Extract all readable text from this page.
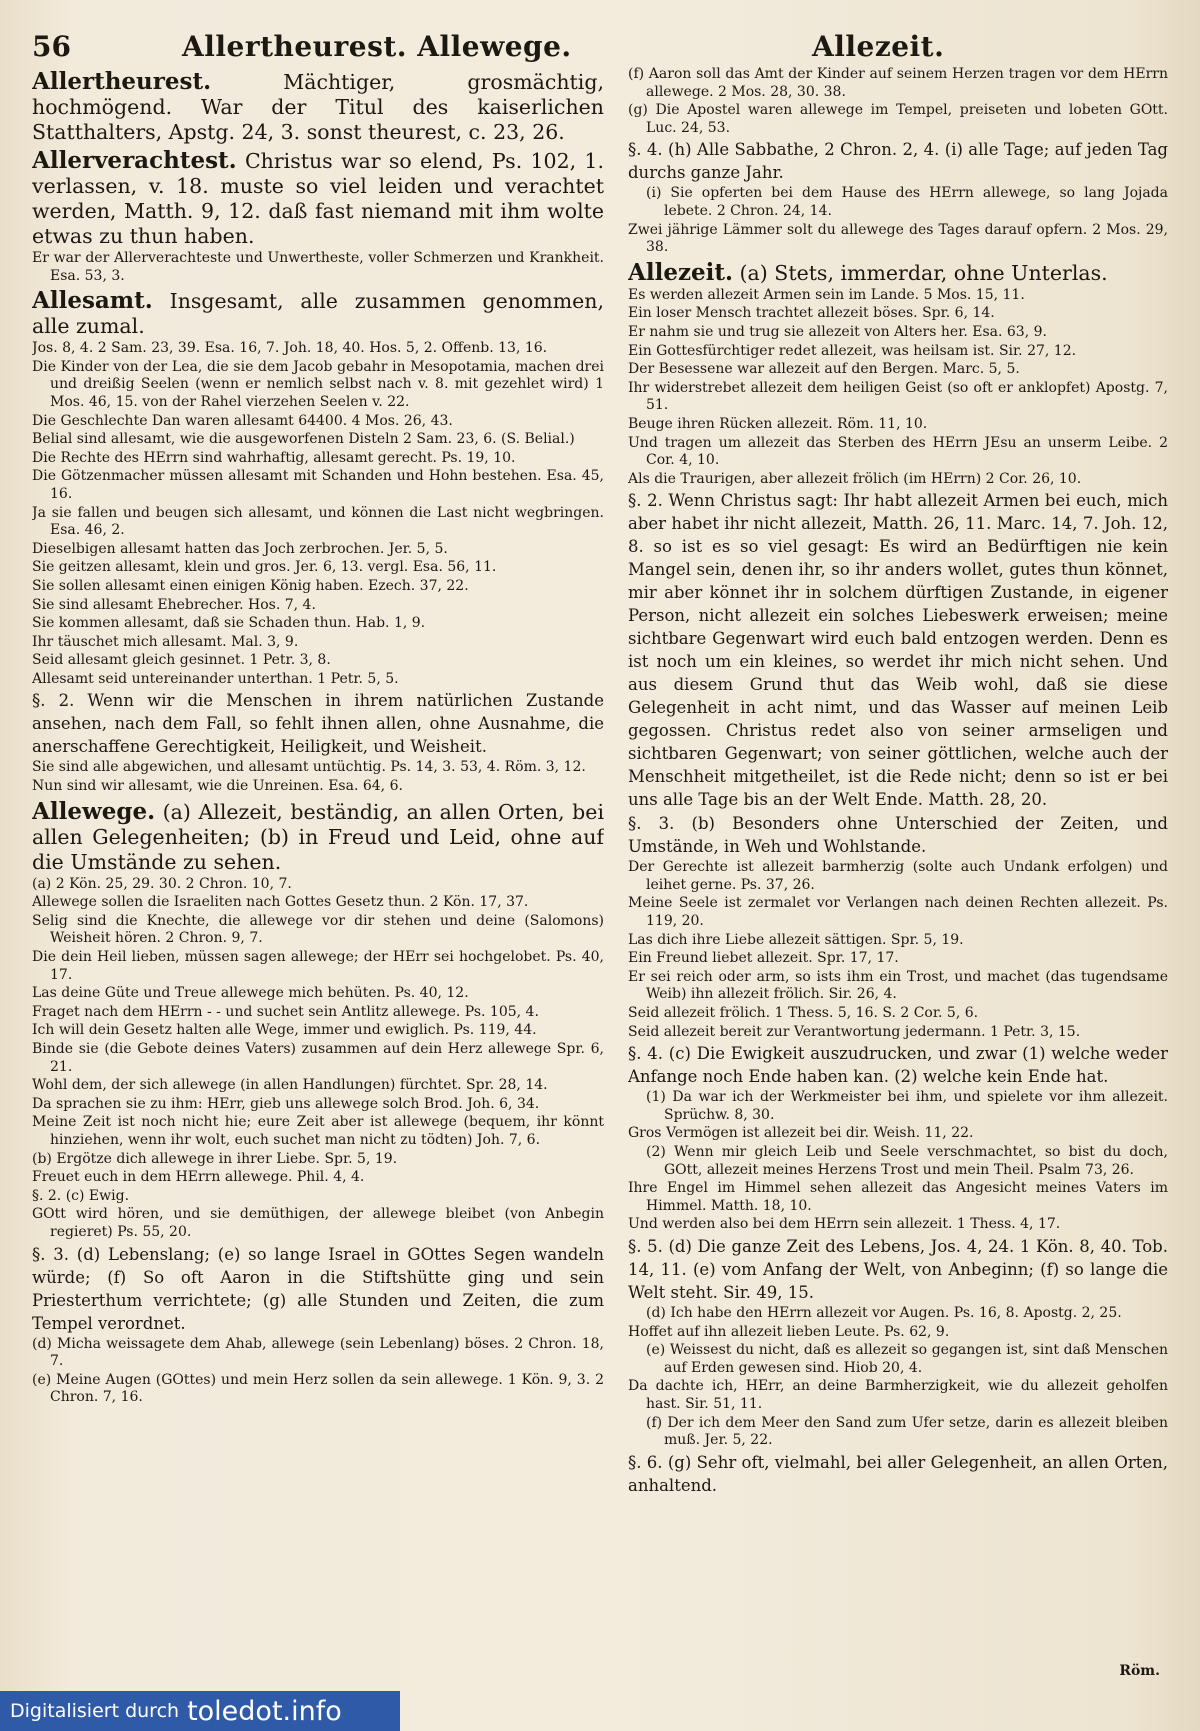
56	Allertheurest. Allewege.	Allezeit.

Allertheurest. Mächtiger, grosmächtig, hochmögend. War der Titul des kaiserlichen Statthalters, Apstg. 24, 3. sonst theurest, c. 23, 26.

Allerverachtest. Christus war so elend, Ps. 102, 1. verlassen, v. 18. muste so viel leiden und verachtet werden, Matth. 9, 12. daß fast niemand mit ihm wolte etwas zu thun haben.

Er war der Allerverachteste und Unwertheste, voller Schmerzen und Krankheit. Esa. 53, 3.

Allesamt. Insgesamt, alle zusammen genommen, alle zumal.

Jos. 8, 4. 2 Sam. 23, 39. Esa. 16, 7. Joh. 18, 40. Hos. 5, 2. Offenb. 13, 16.

Die Kinder von der Lea, die sie dem Jacob gebahr in Mesopotamia, machen drei und dreißig Seelen (wenn er nemlich selbst nach v. 8. mit gezehlet wird) 1 Mos. 46, 15. von der Rahel vierzehen Seelen v. 22.

Die Geschlechte Dan waren allesamt 64400. 4 Mos. 26, 43.

Belial sind allesamt, wie die ausgeworfenen Disteln 2 Sam. 23, 6. (S. Belial.)

Die Rechte des HErrn sind wahrhaftig, allesamt gerecht. Ps. 19, 10.

Die Götzenmacher müssen allesamt mit Schanden und Hohn bestehen. Esa. 45, 16.

Ja sie fallen und beugen sich allesamt, und können die Last nicht wegbringen. Esa. 46, 2.

Dieselbigen allesamt hatten das Joch zerbrochen. Jer. 5, 5.

Sie geitzen allesamt, klein und gros. Jer. 6, 13. vergl. Esa. 56, 11.

Sie sollen allesamt einen einigen König haben. Ezech. 37, 22.

Sie sind allesamt Ehebrecher. Hos. 7, 4.

Sie kommen allesamt, daß sie Schaden thun. Hab. 1, 9.

Ihr täuschet mich allesamt. Mal. 3, 9.

Seid allesamt gleich gesinnet. 1 Petr. 3, 8.

Allesamt seid untereinander unterthan. 1 Petr. 5, 5.

§. 2. Wenn wir die Menschen in ihrem natürlichen Zustande ansehen, nach dem Fall, so fehlt ihnen allen, ohne Ausnahme, die anerschaffene Gerechtigkeit, Heiligkeit, und Weisheit.

Sie sind alle abgewichen, und allesamt untüchtig. Ps. 14, 3. 53, 4. Röm. 3, 12.

Nun sind wir allesamt, wie die Unreinen. Esa. 64, 6.

Allewege. (a) Allezeit, beständig, an allen Orten, bei allen Gelegenheiten; (b) in Freud und Leid, ohne auf die Umstände zu sehen.

(a) 2 Kön. 25, 29. 30. 2 Chron. 10, 7.

Allewege sollen die Israeliten nach Gottes Gesetz thun. 2 Kön. 17, 37.

Selig sind die Knechte, die allewege vor dir stehen und deine (Salomons) Weisheit hören. 2 Chron. 9, 7.

Die dein Heil lieben, müssen sagen allewege; der HErr sei hochgelobet. Ps. 40, 17.

Las deine Güte und Treue allewege mich behüten. Ps. 40, 12.

Fraget nach dem HErrn - - und suchet sein Antlitz allewege. Ps. 105, 4.

Ich will dein Gesetz halten alle Wege, immer und ewiglich. Ps. 119, 44.

Binde sie (die Gebote deines Vaters) zusammen auf dein Herz allewege Spr. 6, 21.

Wohl dem, der sich allewege (in allen Handlungen) fürchtet. Spr. 28, 14.

Da sprachen sie zu ihm: HErr, gieb uns allewege solch Brod. Joh. 6, 34.

Meine Zeit ist noch nicht hie; eure Zeit aber ist allewege (bequem, ihr könnt hinziehen, wenn ihr wolt, euch suchet man nicht zu tödten) Joh. 7, 6.

(b) Ergötze dich allewege in ihrer Liebe. Spr. 5, 19.

Freuet euch in dem HErrn allewege. Phil. 4, 4.

§. 2. (c) Ewig.

GOtt wird hören, und sie demüthigen, der allewege bleibet (von Anbegin regieret) Ps. 55, 20.

§. 3. (d) Lebenslang; (e) so lange Israel in GOttes Segen wandeln würde; (f) So oft Aaron in die Stiftshütte ging und sein Priesterthum verrichtete; (g) alle Stunden und Zeiten, die zum Tempel verordnet.

(d) Micha weissagete dem Ahab, allewege (sein Lebenlang) böses. 2 Chron. 18, 7.

(e) Meine Augen (GOttes) und mein Herz sollen da sein allewege. 1 Kön. 9, 3. 2 Chron. 7, 16.

(f) Aaron soll das Amt der Kinder auf seinem Herzen tragen vor dem HErrn allewege. 2 Mos. 28, 30. 38.

(g) Die Apostel waren allewege im Tempel, preiseten und lobeten GOtt. Luc. 24, 53.

§. 4. (h) Alle Sabbathe, 2 Chron. 2, 4. (i) alle Tage; auf jeden Tag durchs ganze Jahr.

(i) Sie opferten bei dem Hause des HErrn allewege, so lang Jojada lebete. 2 Chron. 24, 14.

Zwei jährige Lämmer solt du allewege des Tages darauf opfern. 2 Mos. 29, 38.

Allezeit. (a) Stets, immerdar, ohne Unterlas.

Es werden allezeit Armen sein im Lande. 5 Mos. 15, 11.

Ein loser Mensch trachtet allezeit böses. Spr. 6, 14.

Er nahm sie und trug sie allezeit von Alters her. Esa. 63, 9.

Ein Gottesfürchtiger redet allezeit, was heilsam ist. Sir. 27, 12.

Der Besessene war allezeit auf den Bergen. Marc. 5, 5.

Ihr widerstrebet allezeit dem heiligen Geist (so oft er anklopfet) Apostg. 7, 51.

Beuge ihren Rücken allezeit. Röm. 11, 10.

Und tragen um allezeit das Sterben des HErrn JEsu an unserm Leibe. 2 Cor. 4, 10.

Als die Traurigen, aber allezeit frölich (im HErrn) 2 Cor. 26, 10.

§. 2. Wenn Christus sagt: Ihr habt allezeit Armen bei euch, mich aber habet ihr nicht allezeit, Matth. 26, 11. Marc. 14, 7. Joh. 12, 8. so ist es so viel gesagt: Es wird an Bedürftigen nie kein Mangel sein, denen ihr, so ihr anders wollet, gutes thun könnet, mir aber könnet ihr in solchem dürftigen Zustande, in eigener Person, nicht allezeit ein solches Liebeswerk erweisen; meine sichtbare Gegenwart wird euch bald entzogen werden. Denn es ist noch um ein kleines, so werdet ihr mich nicht sehen. Und aus diesem Grund thut das Weib wohl, daß sie diese Gelegenheit in acht nimt, und das Wasser auf meinen Leib gegossen. Christus redet also von seiner armseligen und sichtbaren Gegenwart; von seiner göttlichen, welche auch der Menschheit mitgetheilet, ist die Rede nicht; denn so ist er bei uns alle Tage bis an der Welt Ende. Matth. 28, 20.

§. 3. (b) Besonders ohne Unterschied der Zeiten, und Umstände, in Weh und Wohlstande.

Der Gerechte ist allezeit barmherzig (solte auch Undank erfolgen) und leihet gerne. Ps. 37, 26.

Meine Seele ist zermalet vor Verlangen nach deinen Rechten allezeit. Ps. 119, 20.

Las dich ihre Liebe allezeit sättigen. Spr. 5, 19.

Ein Freund liebet allezeit. Spr. 17, 17.

Er sei reich oder arm, so ists ihm ein Trost, und machet (das tugendsame Weib) ihn allezeit frölich. Sir. 26, 4.

Seid allezeit frölich. 1 Thess. 5, 16. S. 2 Cor. 5, 6.

Seid allezeit bereit zur Verantwortung jedermann. 1 Petr. 3, 15.

§. 4. (c) Die Ewigkeit auszudrucken, und zwar (1) welche weder Anfange noch Ende haben kan. (2) welche kein Ende hat.

(1) Da war ich der Werkmeister bei ihm, und spielete vor ihm allezeit. Sprüchw. 8, 30.

Gros Vermögen ist allezeit bei dir. Weish. 11, 22.

(2) Wenn mir gleich Leib und Seele verschmachtet, so bist du doch, GOtt, allezeit meines Herzens Trost und mein Theil. Psalm 73, 26.

Ihre Engel im Himmel sehen allezeit das Angesicht meines Vaters im Himmel. Matth. 18, 10.

Und werden also bei dem HErrn sein allezeit. 1 Thess. 4, 17.

§. 5. (d) Die ganze Zeit des Lebens, Jos. 4, 24. 1 Kön. 8, 40. Tob. 14, 11. (e) vom Anfang der Welt, von Anbeginn; (f) so lange die Welt steht. Sir. 49, 15.

(d) Ich habe den HErrn allezeit vor Augen. Ps. 16, 8. Apostg. 2, 25.

Hoffet auf ihn allezeit lieben Leute. Ps. 62, 9.

(e) Weissest du nicht, daß es allezeit so gegangen ist, sint daß Menschen auf Erden gewesen sind. Hiob 20, 4.

Da dachte ich, HErr, an deine Barmherzigkeit, wie du allezeit geholfen hast. Sir. 51, 11.

(f) Der ich dem Meer den Sand zum Ufer setze, darin es allezeit bleiben muß. Jer. 5, 22.

§. 6. (g) Sehr oft, vielmahl, bei aller Gelegenheit, an allen Orten, anhaltend.

Röm.
Digitalisiert durch toledot.info
